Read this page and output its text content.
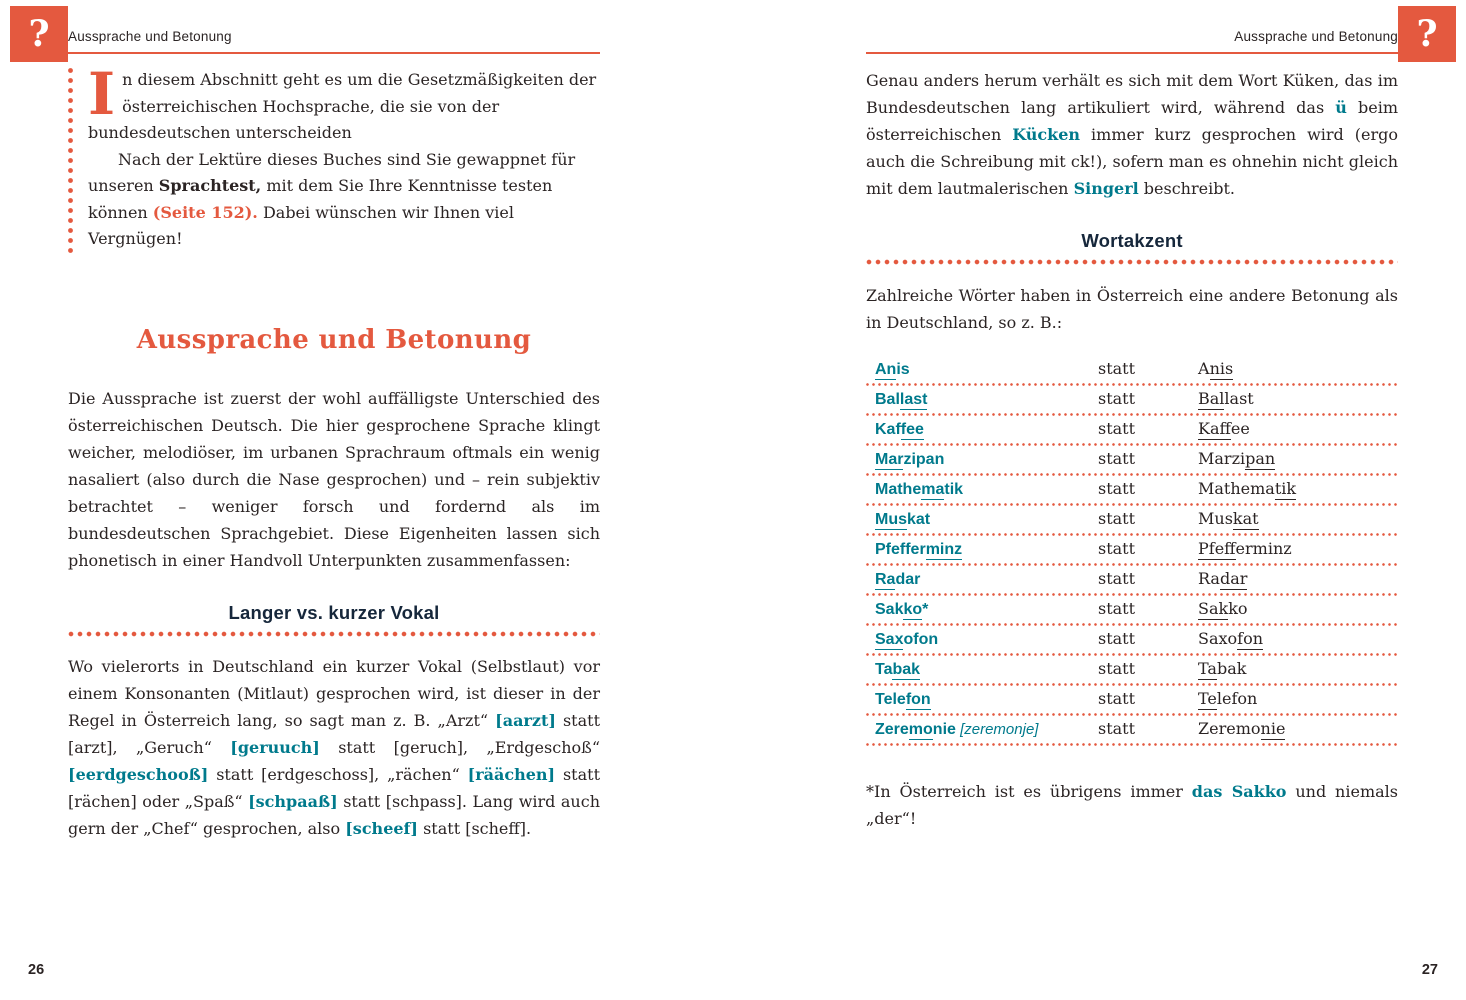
? Aussprache und Betonung

In diesem Abschnitt geht es um die Gesetzmäßigkeiten der österreichischen Hochsprache, die sie von der bundesdeutschen unterscheiden

Nach der Lektüre dieses Buches sind Sie gewappnet für unseren Sprachtest, mit dem Sie Ihre Kenntnisse testen können (Seite 152). Dabei wünschen wir Ihnen viel Vergnügen!

Aussprache und Betonung

Die Aussprache ist zuerst der wohl auffälligste Unterschied des österreichischen Deutsch. Die hier gesprochene Sprache klingt weicher, melodiöser, im urbanen Sprachraum oftmals ein wenig nasaliert (also durch die Nase gesprochen) und – rein subjektiv betrachtet – weniger forsch und fordernd als im bundesdeutschen Sprachgebiet. Diese Eigenheiten lassen sich phonetisch in einer Handvoll Unterpunkten zusammenfassen:

Langer vs. kurzer Vokal

Wo vielerorts in Deutschland ein kurzer Vokal (Selbstlaut) vor einem Konsonanten (Mitlaut) gesprochen wird, ist dieser in der Regel in Österreich lang, so sagt man z. B. „Arzt“ [aarzt] statt [arzt], „Geruch“ [geruuch] statt [geruch], „Erdgeschoß“ [eerdgeschooß] statt [erdgeschoss], „rächen“ [räächen] statt [rächen] oder „Spaß“ [schpaaß] statt [schpass]. Lang wird auch gern der „Chef“ gesprochen, also [scheef] statt [scheff].

26
?
Aussprache und Betonung

Genau anders herum verhält es sich mit dem Wort Küken, das im Bundesdeutschen lang artikuliert wird, während das ü beim österreichischen Kücken immer kurz gesprochen wird (ergo auch die Schreibung mit ck!), sofern man es ohnehin nicht gleich mit dem lautmalerischen Singerl beschreibt.

Wortakzent

Zahlreiche Wörter haben in Österreich eine andere Betonung als in Deutschland, so z. B.:

Anis	statt	Anis
Ballast	statt	Ballast
Kaffee	statt	Kaffee
Marzipan	statt	Marzipan
Mathematik	statt	Mathematik
Muskat	statt	Muskat
Pfefferminz	statt	Pfefferminz
Radar	statt	Radar
Sakko*	statt	Sakko
Saxofon	statt	Saxofon
Tabak	statt	Tabak
Telefon	statt	Telefon
Zeremonie [zeremonje]	statt	Zeremonie

*In Österreich ist es übrigens immer das Sakko und niemals „der“!

27
